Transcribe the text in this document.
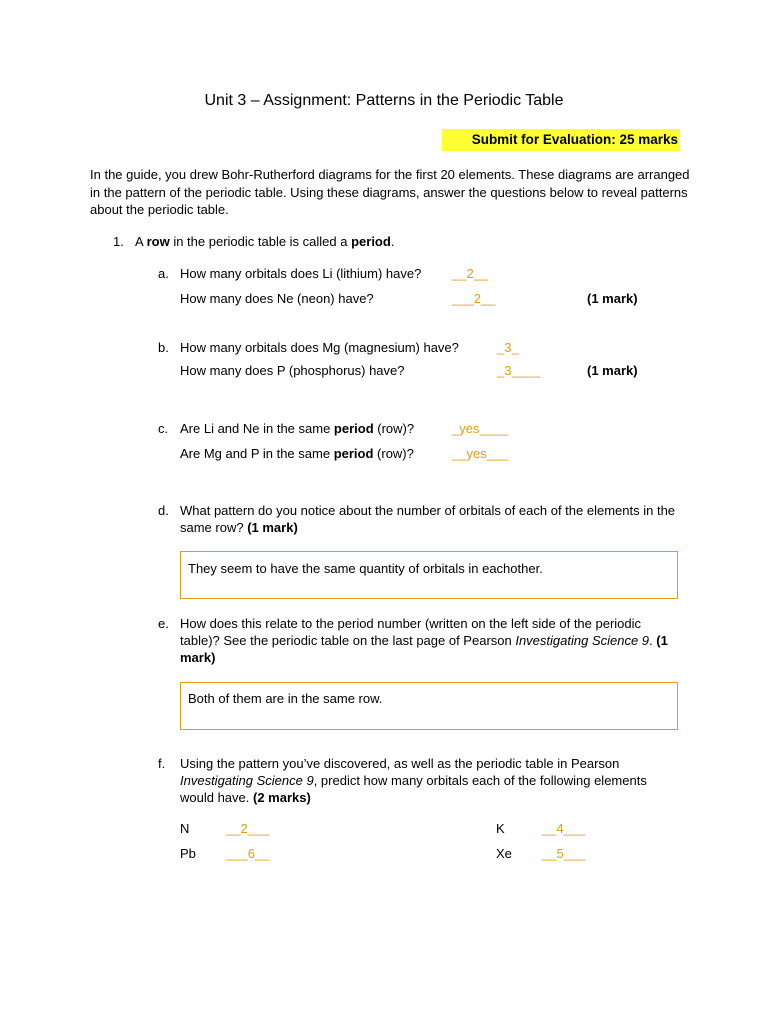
Unit 3 – Assignment: Patterns in the Periodic Table
Submit for Evaluation: 25 marks
In the guide, you drew Bohr-Rutherford diagrams for the first 20 elements. These diagrams are arranged in the pattern of the periodic table. Using these diagrams, answer the questions below to reveal patterns about the periodic table.
1. A row in the periodic table is called a period.
a. How many orbitals does Li (lithium) have? __2__
How many does Ne (neon) have?	___2__	(1 mark)
b. How many orbitals does Mg (magnesium) have?	_3_
How many does P (phosphorus) have?	_3____	(1 mark)
c. Are Li and Ne in the same period (row)?	_yes____
Are Mg and P in the same period (row)?	__yes___
d. What pattern do you notice about the number of orbitals of each of the elements in the same row? (1 mark)
They seem to have the same quantity of orbitals in eachother.
e. How does this relate to the period number (written on the left side of the periodic table)? See the periodic table on the last page of Pearson Investigating Science 9. (1 mark)
Both of them are in the same row.
f. Using the pattern you’ve discovered, as well as the periodic table in Pearson Investigating Science 9, predict how many orbitals each of the following elements would have. (2 marks)
N	__2___	K	__4___
Pb ___6__	Xe __5___
